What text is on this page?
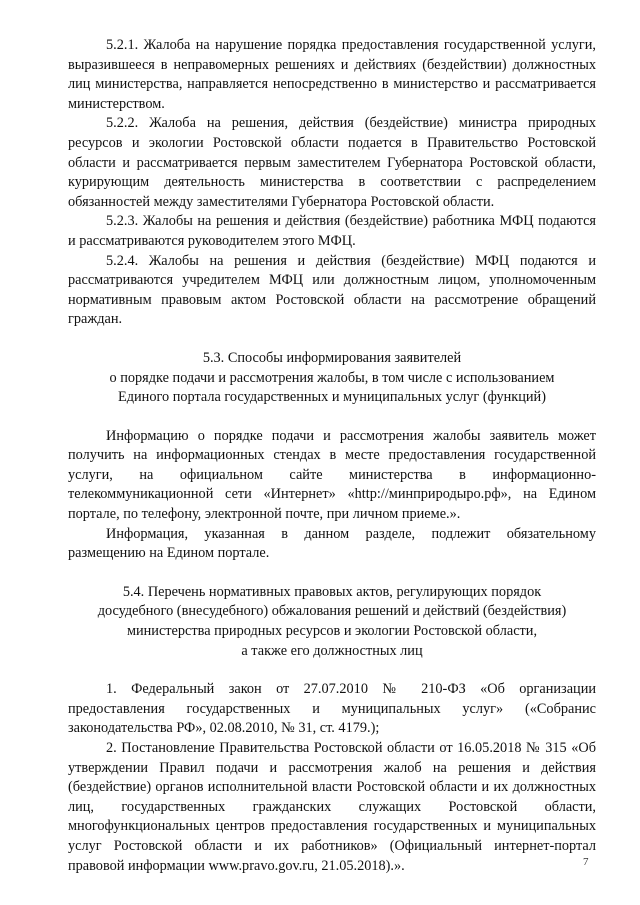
5.2.1. Жалоба на нарушение порядка предоставления государственной услуги, выразившееся в неправомерных решениях и действиях (бездействии) должностных лиц министерства, направляется непосредственно в министерство и рассматривается министерством.

5.2.2. Жалоба на решения, действия (бездействие) министра природных ресурсов и экологии Ростовской области подается в Правительство Ростовской области и рассматривается первым заместителем Губернатора Ростовской области, курирующим деятельность министерства в соответствии с распределением обязанностей между заместителями Губернатора Ростовской области.

5.2.3. Жалобы на решения и действия (бездействие) работника МФЦ подаются и рассматриваются руководителем этого МФЦ.

5.2.4. Жалобы на решения и действия (бездействие) МФЦ подаются и рассматриваются учредителем МФЦ или должностным лицом, уполномоченным нормативным правовым актом Ростовской области на рассмотрение обращений граждан.

5.3. Способы информирования заявителей

о порядке подачи и рассмотрения жалобы, в том числе с использованием

Единого портала государственных и муниципальных услуг (функций)

Информацию о порядке подачи и рассмотрения жалобы заявитель может получить на информационных стендах в месте предоставления государственной услуги, на официальном сайте министерства в информационно-телекоммуникационной сети «Интернет» «http://минприродыро.рф», на Едином портале, по телефону, электронной почте, при личном приеме.».

Информация, указанная в данном разделе, подлежит обязательному размещению на Едином портале.

5.4. Перечень нормативных правовых актов, регулирующих порядок

досудебного (внесудебного) обжалования решений и действий (бездействия)

министерства природных ресурсов и экологии Ростовской области,

а также его должностных лиц

1. Федеральный закон от 27.07.2010 № 210-ФЗ «Об организации предоставления государственных и муниципальных услуг» («Собранис законодательства РФ», 02.08.2010, № 31, ст. 4179.);

2. Постановление Правительства Ростовской области от 16.05.2018 № 315 «Об утверждении Правил подачи и рассмотрения жалоб на решения и действия (бездействие) органов исполнительной власти Ростовской области и их должностных лиц, государственных гражданских служащих Ростовской области, многофункциональных центров предоставления государственных и муниципальных услуг Ростовской области и их работников» (Официальный интернет-портал правовой информации www.pravo.gov.ru, 21.05.2018).».	7
